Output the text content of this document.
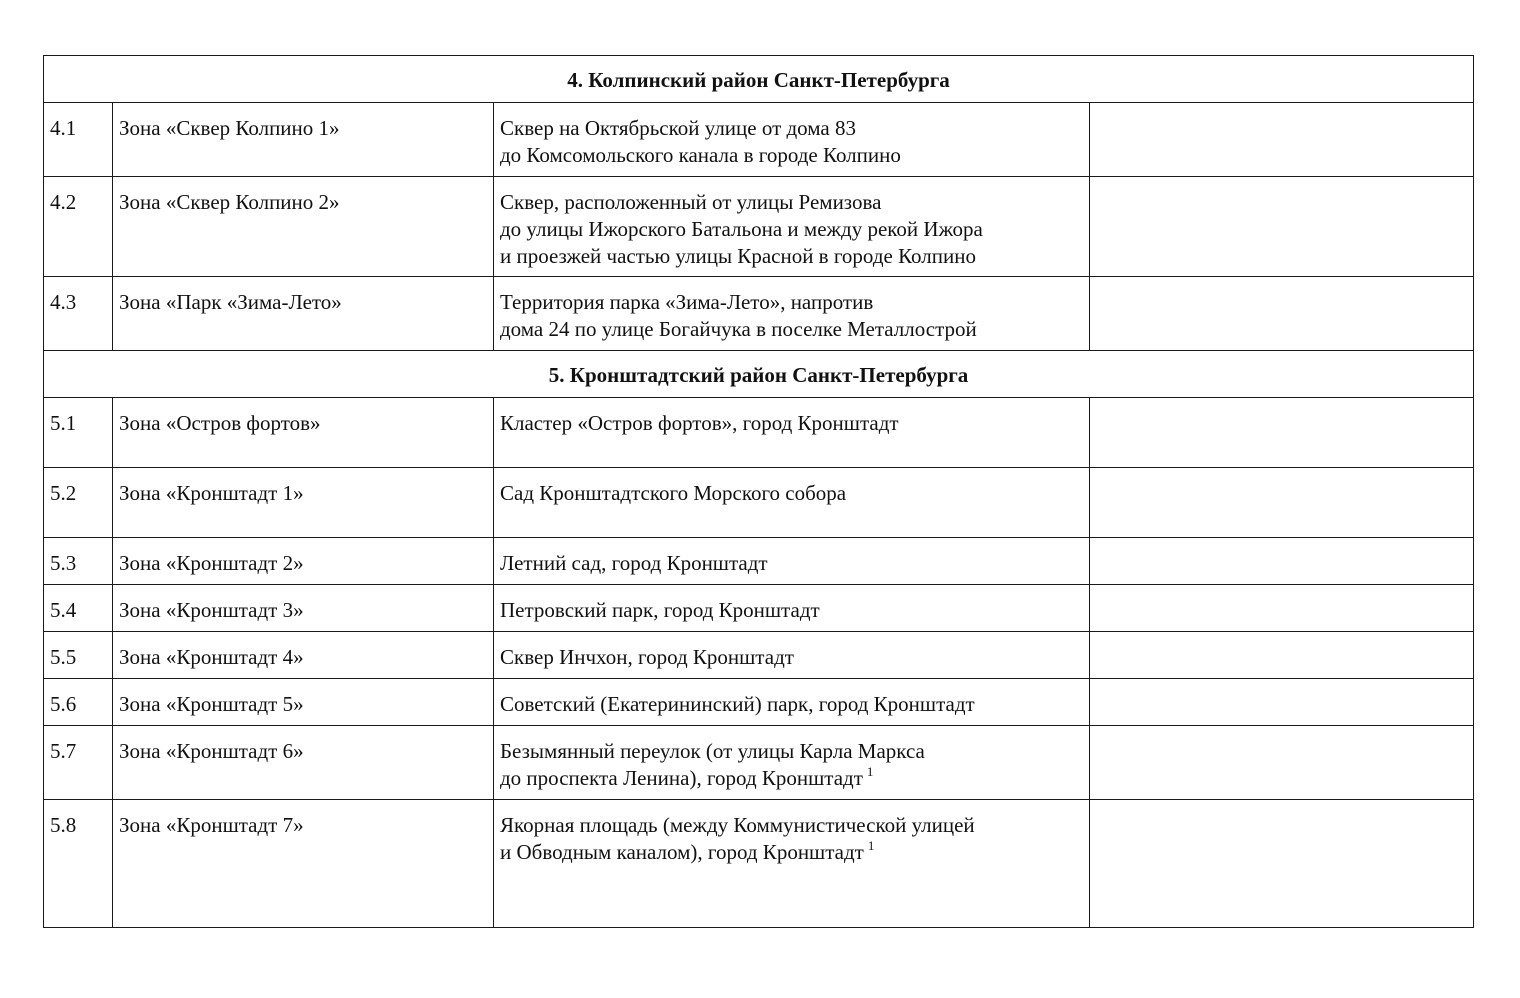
4. Колпинский район Санкт-Петербурга			
4.1	Зона «Сквер Колпино 1»	Сквер на Октябрьской улице от дома 83
до Комсомольского канала в городе Колпино	

4.2	Зона «Сквер Колпино 2»	Сквер, расположенный от улицы Ремизова
до улицы Ижорского Батальона и между рекой Ижора
и проезжей частью улицы Красной в городе Колпино	

4.3	Зона «Парк «Зима-Лето»	Территория парка «Зима-Лето», напротив
дома 24 по улице Богайчука в поселке Металлострой	

5. Кронштадтский район Санкт-Петербурга			
5.1	Зона «Остров фортов»	Кластер «Остров фортов», город Кронштадт	

5.2	Зона «Кронштадт 1»	Сад Кронштадтского Морского собора	

5.3	Зона «Кронштадт 2»	Летний сад, город Кронштадт	

5.4	Зона «Кронштадт 3»	Петровский парк, город Кронштадт	

5.5	Зона «Кронштадт 4»	Сквер Инчхон, город Кронштадт	

5.6	Зона «Кронштадт 5»	Советский (Екатерининский) парк, город Кронштадт	

5.7	Зона «Кронштадт 6»	Безымянный переулок (от улицы Карла Маркса
до проспекта Ленина), город Кронштадт $^1$

5.8	Зона «Кронштадт 7»	Якорная площадь (между Коммунистической улицей
и Обводным каналом), город Кронштадт $^1$
